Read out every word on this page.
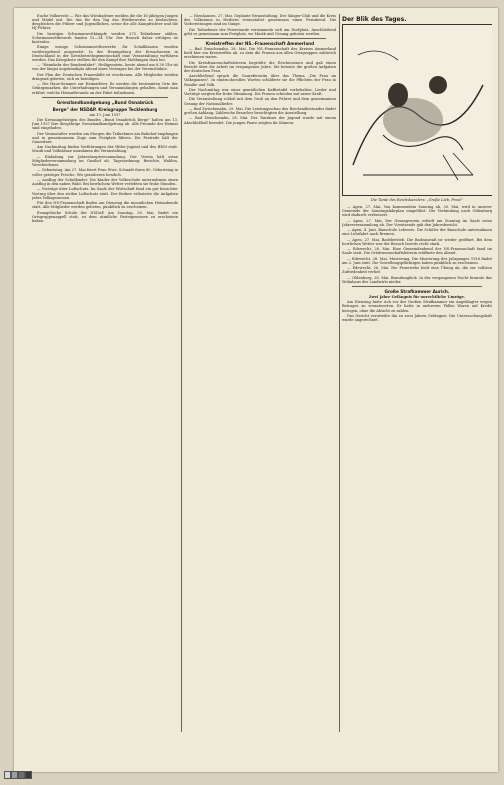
Euche Volksrecht — Wie das Wiesbadener melden die die 16 jährigen Jungen und Mädel mit. Die das für den Tag das Wettbewerbs zu beobachten, desgleichen die Führer und Jugendlichen, sowie die alle Kampfrichter und die HJ-Führer.
Die heutigen Schwimmwettkämpfe werden 275 Teilnehmer zählen. Schwimmwettbewerb fanden 12—14 Uhr. Der Besuch daher erfolgen ist kostenlos.
Einige wenige Schwimmwettbewerbe für Schulklassen wurden vorübergehend ausgesetzt. In der Hennigsberg der Erwachsenen in Deutschland in der Kreisbetriebsgemeinschaft eine Veranstaltung vorführen werden. Das Kriegsbote stellten für den Kampf ihre Meldungen dazu bei.
— "Heimkehr der Bombenfahrt". Heiligenstein, heute abend um 8.30 Uhr ist von der längst angekündigte Abend eines Vortrages bei der Vereinsbühne.
Der Plan der Deutschen Frauenhilfe ist erschienen. Alle Mitglieder werden dringend gebeten, sich zu beteiligen.
— Die Haus-Sommer zur Heimatfeier. Es werden die bestimmten Orte der Gebirgsmarken, die Unterhaltungen und Versammlungen gehalten, damit man erfährt, welche Heimatfreunde an der Fahrt teilnehmen.
Grenzlandkundgebung „Bund Osnabrück
Berge" der NSDAP. Kreisgruppe Tecklenburg
am 13. Juni 1937
Die Kreisangehörigen des Bundes „Bund Osnabrück Berge" halten am 13. Juni 1937 ihre diesjährige Grenzlandkundgebung ab. Alle Freunde der Heimat sind eingeladen.
Der Veranstalter werden am Morgen die Teilnehmer am Bahnhof empfangen und in gemeinsamem Zuge zum Festplatz führen. Die Festrede hält der Gauredner.
Am Nachmittag finden Vorführungen der Hitler-Jugend und des BDM statt. Musik und Volkstänze umrahmen die Veranstaltung.
— Einladung zur Jahreshauptversammlung. Der Verein hält seine Mitgliederversammlung im Gasthof ab. Tagesordnung: Berichte, Wahlen, Verschiedenes.
— Geburtstag. Am 27. Mai feiert Frau Wwe. Schmidt ihren 80. Geburtstag in voller geistiger Frische. Wir gratulieren herzlich.
— Ausflug der Schulkinder. Die Kinder der Volksschule unternahmen einen Ausflug in den nahen Wald. Bei herrlichem Wetter verlebten sie frohe Stunden.
— Vorträge über Luftschutz. Im Saale der Wirtschaft fand ein gut besuchter Vortrag über den zivilen Luftschutz statt. Der Redner erläuterte die Aufgaben jedes Volksgenossen.
Für den NS-Frauenschaft finden am Dienstag die monatlichen Heimabende statt. Alle Mitglieder werden gebeten, pünktlich zu erscheinen.
Evangelische Schule der NSDAP. Am Sonntag, 30. Mai, findet ein Ortsgruppenappell statt, zu dem sämtliche Parteigenossen zu erscheinen haben.
— Nienhausen, 27. Mai. Geplante Veranstaltung. Der Sänger-Club und die Kreis des Volkstums in Herbern veranstaltet gemeinsam einen Festabend. Die Vorbereitungen sind im Gange.
Die Teilnehmer der Feierstunde versammeln sich am Dorfplatz. Anschließend geht es gemeinsam zum Festplatz, wo Musik und Gesang geboten werden.
Kreistreffen der NS.-Frauenschaft Ammerland
— Bad Zwischenahn, 28. Mai. Die NS.-Frauenschaft des Kreises Ammerland hielt hier ein Kreistreffen ab, zu dem die Frauen aus allen Ortsgruppen zahlreich erschienen waren.
Die Kreisfrauenschaftsleiterin begrüßte die Erschienenen und gab einen Bericht über die Arbeit im vergangenen Jahre. Sie betonte die großen Aufgaben der deutschen Frau.
Anschließend sprach die Gaureferentin über das Thema „Die Frau im Volksganzen". In eindrucksvollen Worten schilderte sie die Pflichten der Frau in Familie und Volk.
Der Nachmittag war einer gemütlichen Kaffeetafel vorbehalten. Lieder und Vorträge sorgten für frohe Stimmung. Die Frauen schieden mit neuer Kraft.
Die Veranstaltung schloß mit dem Gruß an den Führer und dem gemeinsamen Gesang der Nationallieder.
— Bad Zwischenahn, 29. Mai. Die Leistungsschau des Reichsnährstandes findet großen Anklang. Zahlreiche Besucher besichtigten die Ausstellung.
— Bad Zwischenahn, 28. Mai. Der Tanzkurs der Jugend wurde mit einem Abschlußball beendet. Die jungen Paare zeigten ihr Können.
Der Blik des Tages.
Die Tante des Reichskanzlers: „Große Lieb, Frau!"
— Apen, 27. Mai. Von kommendem Sonntag ab, 30. Mai, wird in unserer Gemeinde der Sonntagsfahrplan eingeführt. Die Verbindung nach Oldenburg wird dadurch verbessert.
— Apen, 27. Mai. Der Gesangverein erhielt am Sonntag im Saale seine Jahresversammlung ab. Der Vorsitzende gab den Jahresbericht.
— Apen, 4. Juni. Bauschule Lefeners. Die Schüler der Bauschule unternahmen eine Lehrfahrt nach Bremen.
— Apen, 27. Mai. Badebetrieb. Die Badeanstalt ist wieder geöffnet. Bei dem herrlichen Wetter war der Besuch bereits recht stark.
— Edewecht, 28. Mai. Eine Gemeindeabend der NS-Frauenschaft fand im Saale statt. Die Ortsfrauenschaftsleiterin eröffnete den Abend.
— Edewecht, 28. Mai. Musterung. Die Musterung des Jahrganges 1916 findet am 2. Juni statt. Die Gestellungspflichtigen haben pünktlich zu erscheinen.
— Edewecht, 26. Mai. Die Feuerwehr hielt eine Übung ab, die zur vollsten Zufriedenheit verlief.
— Oldenburg, 28. Mai. Brandunglück. In der vergangenen Nacht brannte das Wohnhaus des Landwirts nieder.
Große Strafkammer Aurich.
Zwei Jahre Gefängnis für unrechtliche Umzüge.
Am Dienstag hatte sich vor der Großen Strafkammer ein Angeklagter wegen Betruges zu verantworten. Er hatte in mehreren Fällen Waren auf Kredit bezogen, ohne die Absicht zu zahlen.
Das Gericht verurteilte ihn zu zwei Jahren Gefängnis. Die Untersuchungshaft wurde angerechnet.
